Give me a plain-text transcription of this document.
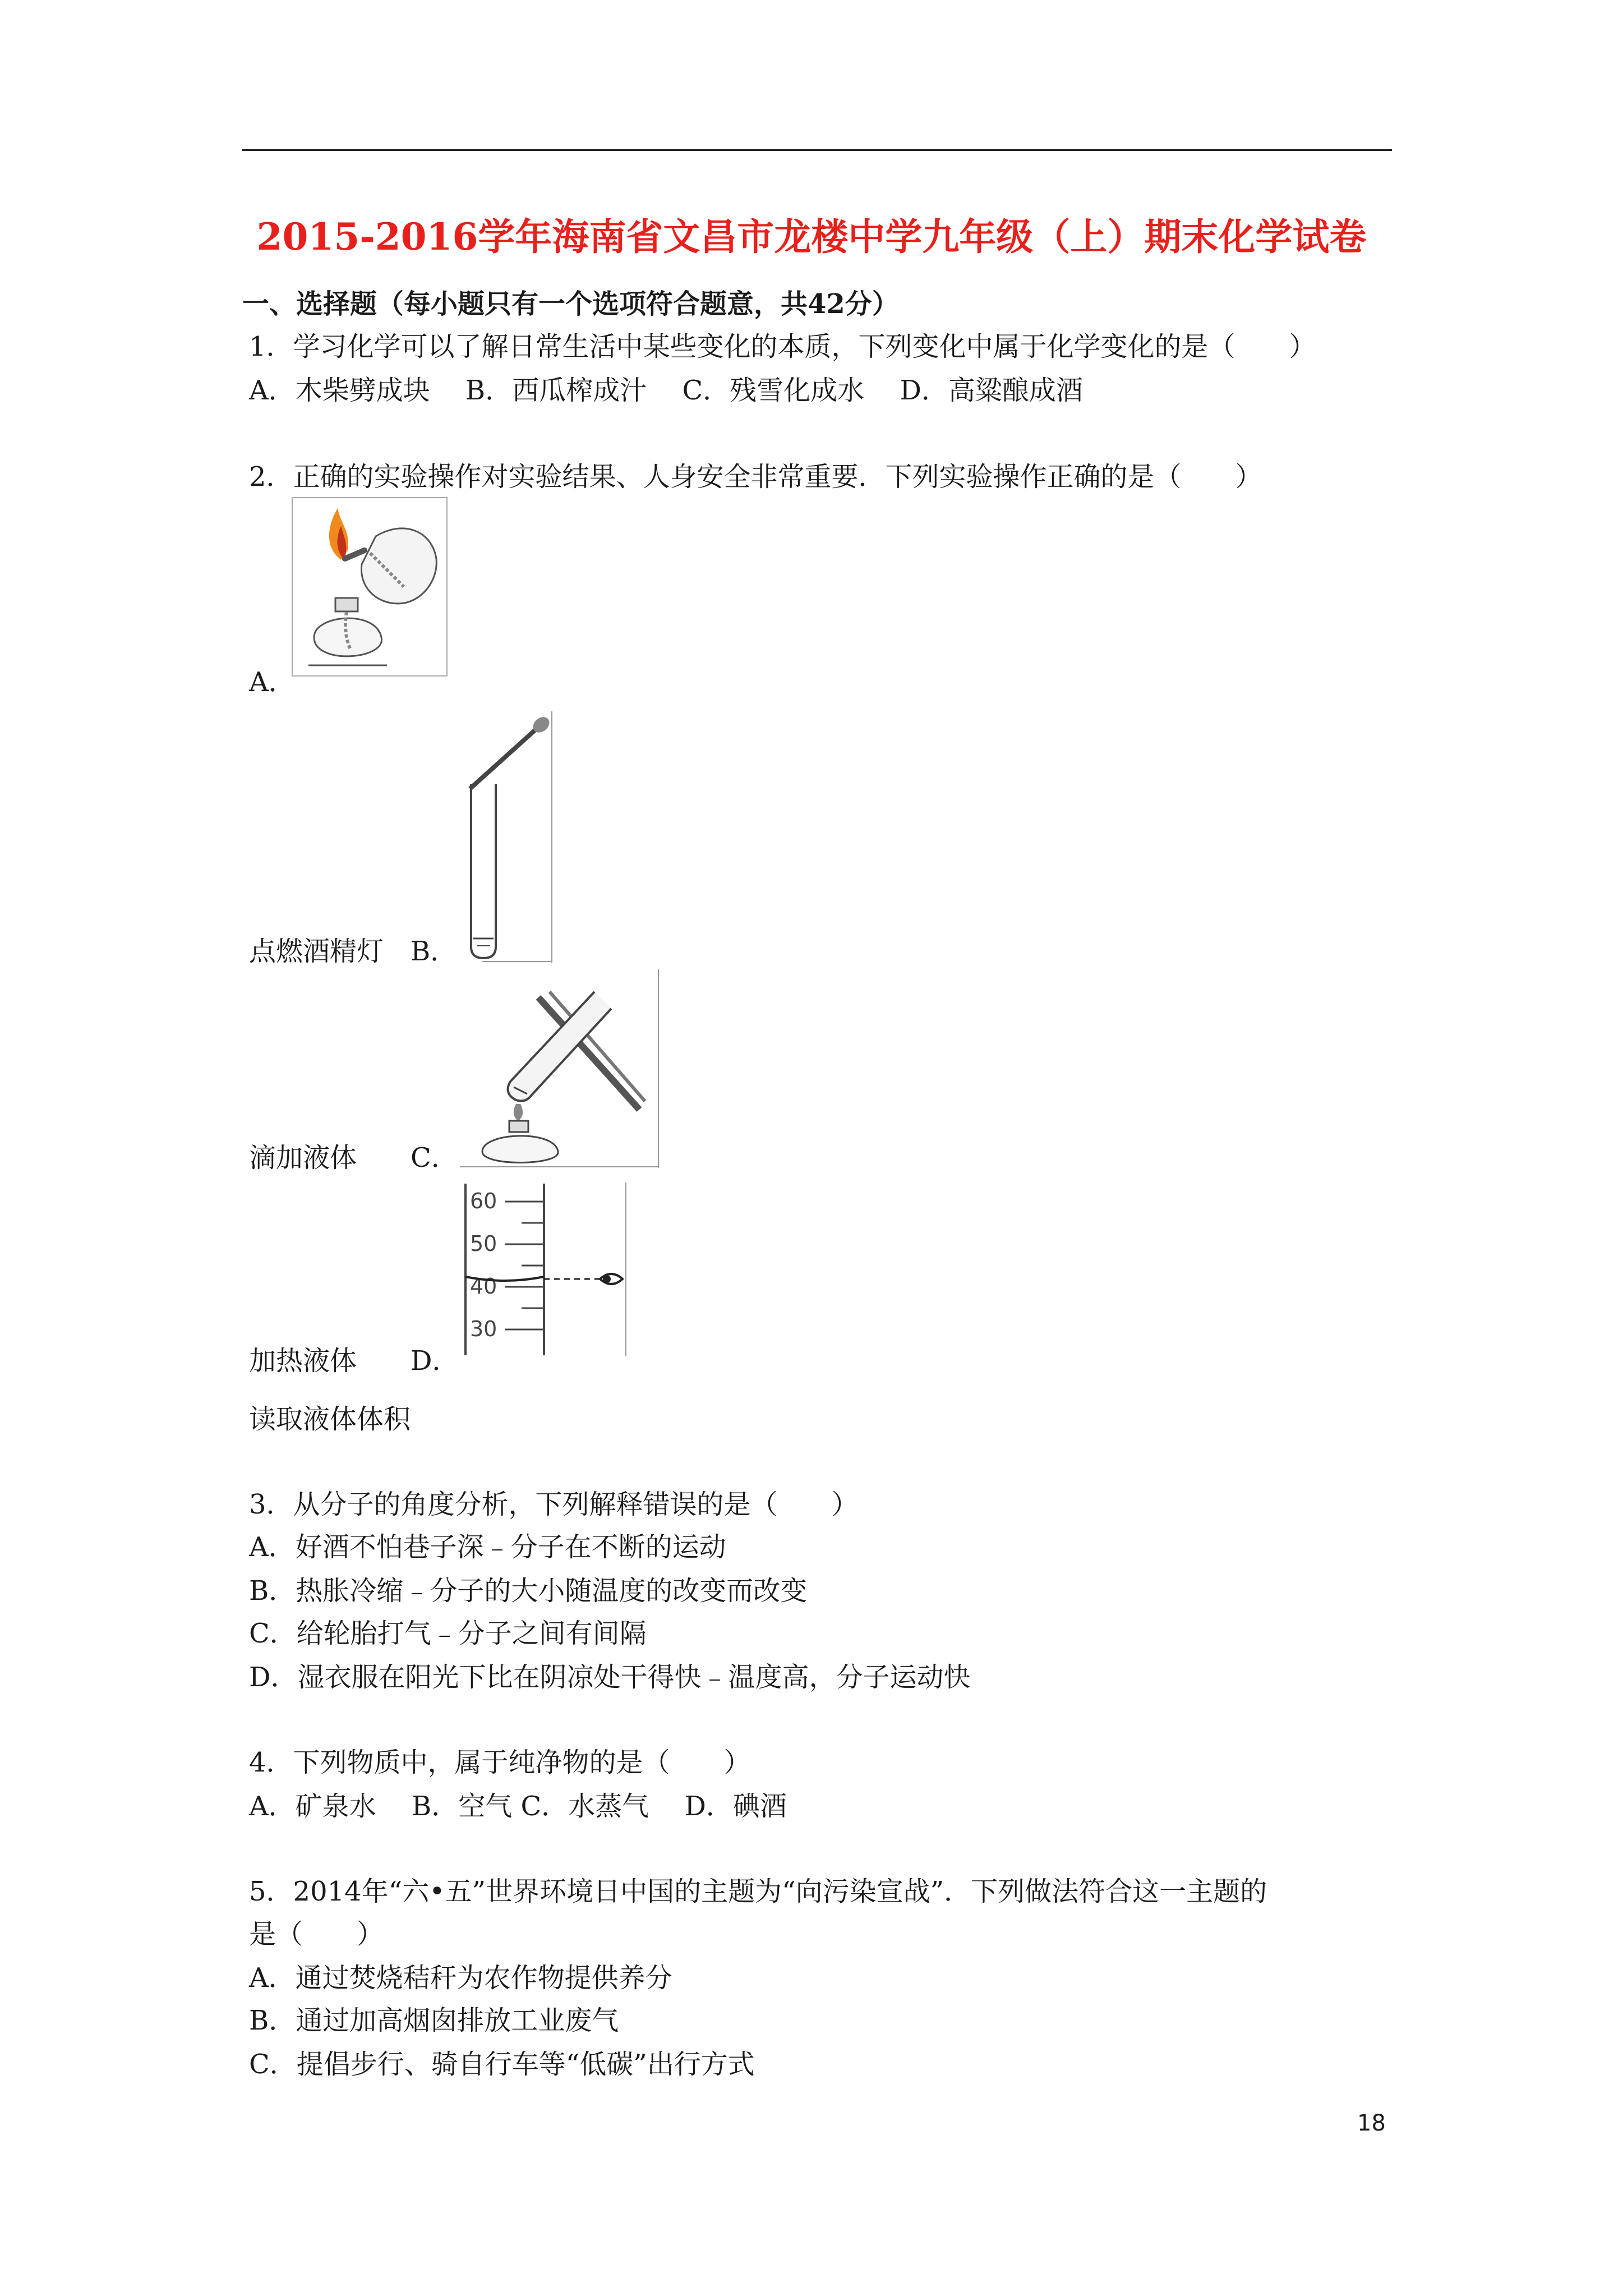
2015-2016学年海南省文昌市龙楼中学九年级（上）期末化学试卷
一、选择题（每小题只有一个选项符合题意，共42分）
1．学习化学可以了解日常生活中某些变化的本质，下列变化中属于化学变化的是（　　）
A．木柴劈成块　 B．西瓜榨成汁　 C．残雪化成水　 D．高粱酿成酒
2．正确的实验操作对实验结果、人身安全非常重要．下列实验操作正确的是（　　）
A．
点燃酒精灯　B．
滴加液体　　C．
60
50
40
30
加热液体　　D．
读取液体体积
3．从分子的角度分析，下列解释错误的是（　　）
A．好酒不怕巷子深﹣分子在不断的运动
B．热胀冷缩﹣分子的大小随温度的改变而改变
C．给轮胎打气﹣分子之间有间隔
D．湿衣服在阳光下比在阴凉处干得快﹣温度高，分子运动快
4．下列物质中，属于纯净物的是（　　）
A．矿泉水　 B．空气 C．水蒸气　 D．碘酒
5．2014年“六•五”世界环境日中国的主题为“向污染宣战”．下列做法符合这一主题的
是（　　）
A．通过焚烧秸秆为农作物提供养分
B．通过加高烟囱排放工业废气
C．提倡步行、骑自行车等“低碳”出行方式
18
